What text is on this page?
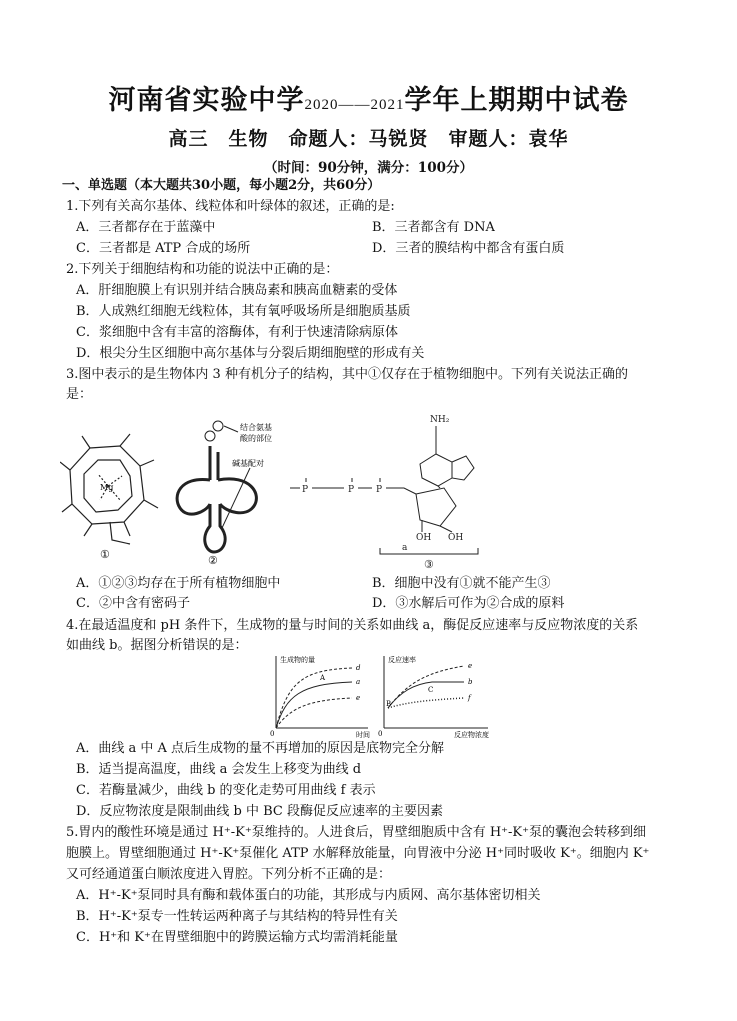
河南省实验中学2020——2021学年上期期中试卷
高三　生物　命题人：马锐贤　审题人：袁华
（时间：90分钟，满分：100分）
一、单选题（本大题共30小题，每小题2分，共60分）
1.下列有关高尔基体、线粒体和叶绿体的叙述，正确的是:
A．三者都存在于蓝藻中	B．三者都含有 DNA
C．三者都是 ATP 合成的场所	D．三者的膜结构中都含有蛋白质
2.下列关于细胞结构和功能的说法中正确的是：
A．肝细胞膜上有识别并结合胰岛素和胰高血糖素的受体
B．人成熟红细胞无线粒体，其有氧呼吸场所是细胞质基质
C．浆细胞中含有丰富的溶酶体，有利于快速清除病原体
D．根尖分生区细胞中高尔基体与分裂后期细胞壁的形成有关
3.图中表示的是生物体内 3 种有机分子的结构，其中①仅存在于植物细胞中。下列有关说法正确的
是：
Mg
①
结合氨基
酸的部位
碱基配对
②
NH₂
P	P P
OH OH
a
③
A．①②③均存在于所有植物细胞中	B．细胞中没有①就不能产生③
C．②中含有密码子	D．③水解后可作为②合成的原料
4.在最适温度和 pH 条件下，生成物的量与时间的关系如曲线 a，酶促反应速率与反应物浓度的关系
如曲线 b。据图分析错误的是：
生成物的量
时间
0
d
a
e
A
反应速率
反应物浓度
0
e
b
f
B
C
A．曲线 a 中 A 点后生成物的量不再增加的原因是底物完全分解
B．适当提高温度，曲线 a 会发生上移变为曲线 d
C．若酶量减少，曲线 b 的变化走势可用曲线 f 表示
D．反应物浓度是限制曲线 b 中 BC 段酶促反应速率的主要因素
5.胃内的酸性环境是通过 H⁺-K⁺泵维持的。人进食后，胃壁细胞质中含有 H⁺-K⁺泵的囊泡会转移到细
胞膜上。胃壁细胞通过 H⁺-K⁺泵催化 ATP 水解释放能量，向胃液中分泌 H⁺同时吸收 K⁺。细胞内 K⁺
又可经通道蛋白顺浓度进入胃腔。下列分析不正确的是：
A．H⁺-K⁺泵同时具有酶和载体蛋白的功能，其形成与内质网、高尔基体密切相关
B．H⁺-K⁺泵专一性转运两种离子与其结构的特异性有关
C．H⁺和 K⁺在胃壁细胞中的跨膜运输方式均需消耗能量
